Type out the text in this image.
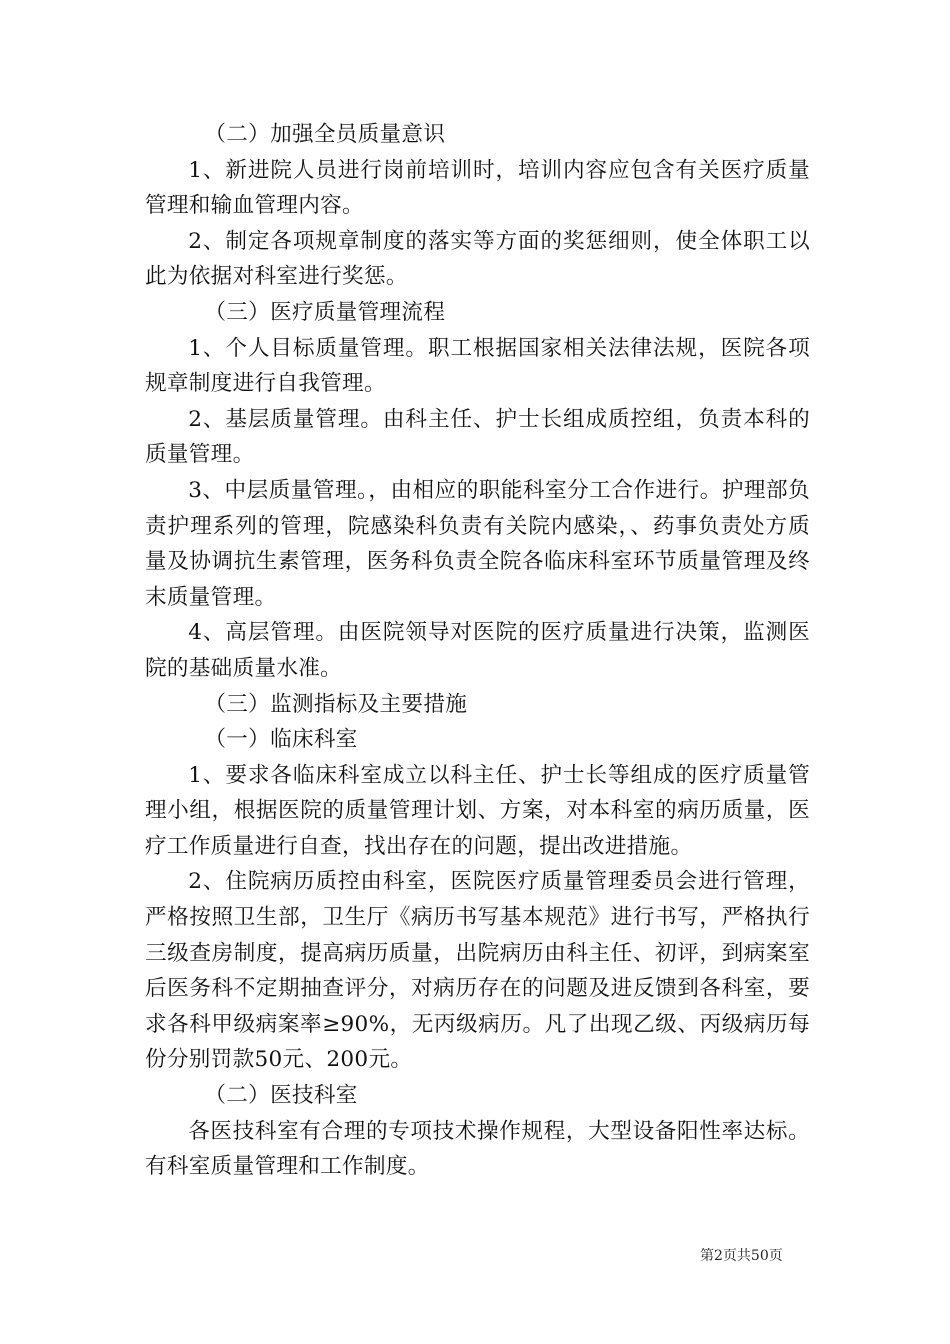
（二）加强全员质量意识

1、新进院人员进行岗前培训时，培训内容应包含有关医疗质量管理和输血管理内容。

2、制定各项规章制度的落实等方面的奖惩细则，使全体职工以此为依据对科室进行奖惩。

（三）医疗质量管理流程

1、个人目标质量管理。职工根据国家相关法律法规，医院各项规章制度进行自我管理。

2、基层质量管理。由科主任、护士长组成质控组，负责本科的质量管理。

3、中层质量管理。，由相应的职能科室分工合作进行。护理部负责护理系列的管理，院感染科负责有关院内感染，、药事负责处方质量及协调抗生素管理，医务科负责全院各临床科室环节质量管理及终末质量管理。

4、高层管理。由医院领导对医院的医疗质量进行决策，监测医院的基础质量水准。

（三）监测指标及主要措施

（一）临床科室

1、要求各临床科室成立以科主任、护士长等组成的医疗质量管理小组，根据医院的质量管理计划、方案，对本科室的病历质量，医疗工作质量进行自查，找出存在的问题，提出改进措施。

2、住院病历质控由科室，医院医疗质量管理委员会进行管理，严格按照卫生部，卫生厅《病历书写基本规范》进行书写，严格执行三级查房制度，提高病历质量，出院病历由科主任、初评，到病案室后医务科不定期抽查评分，对病历存在的问题及进反馈到各科室，要求各科甲级病案率≥90%，无丙级病历。凡了出现乙级、丙级病历每份分别罚款50元、200元。

（二）医技科室

各医技科室有合理的专项技术操作规程，大型设备阳性率达标。有科室质量管理和工作制度。

第2页共50页
